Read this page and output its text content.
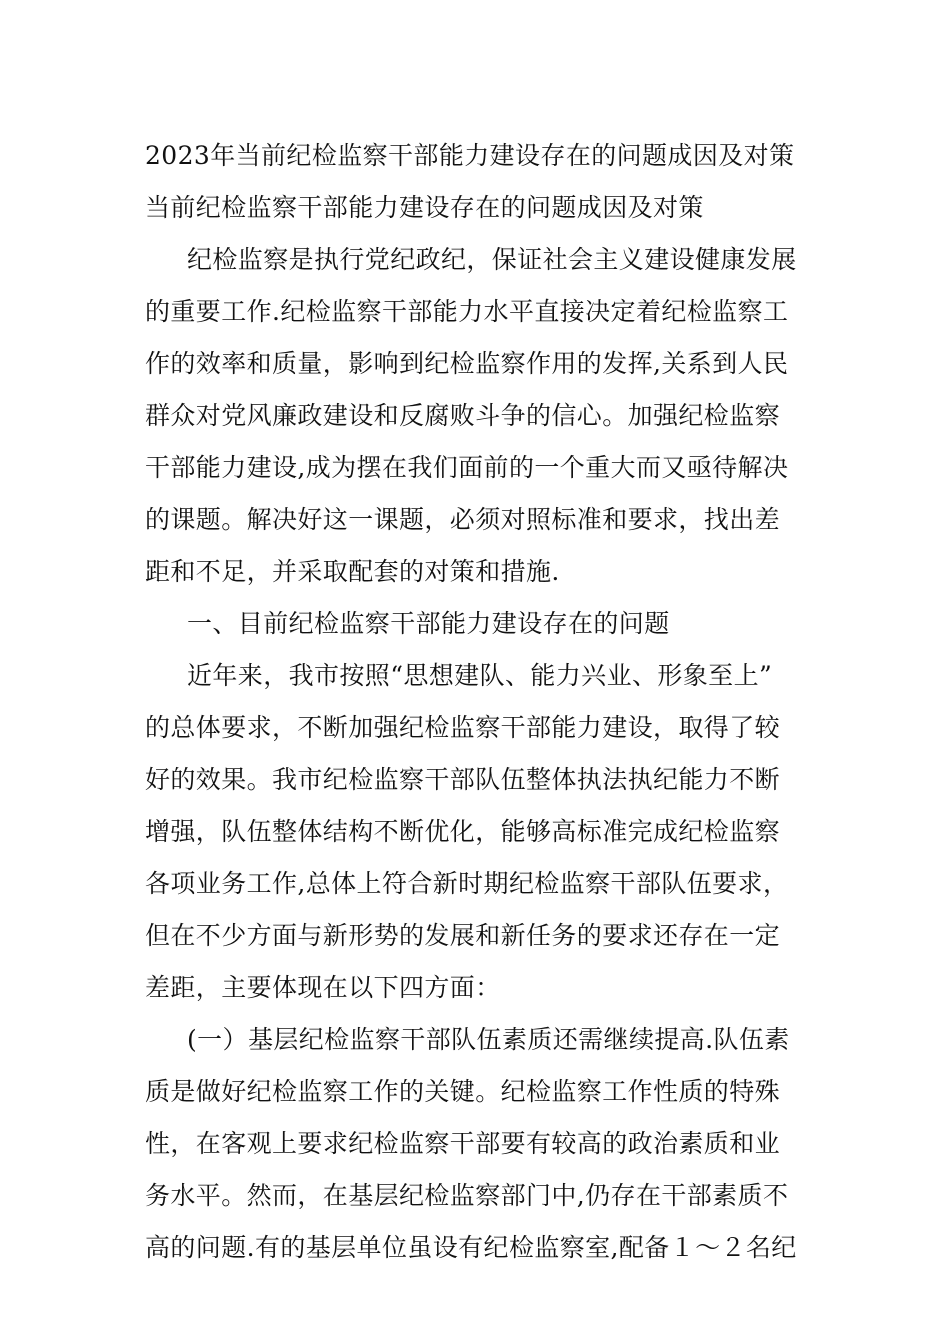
2023年当前纪检监察干部能力建设存在的问题成因及对策
当前纪检监察干部能力建设存在的问题成因及对策
纪检监察是执行党纪政纪，保证社会主义建设健康发展
的重要工作.纪检监察干部能力水平直接决定着纪检监察工
作的效率和质量，影响到纪检监察作用的发挥,关系到人民
群众对党风廉政建设和反腐败斗争的信心。加强纪检监察
干部能力建设,成为摆在我们面前的一个重大而又亟待解决
的课题。解决好这一课题，必须对照标准和要求，找出差
距和不足，并采取配套的对策和措施.
一、目前纪检监察干部能力建设存在的问题
近年来，我市按照“思想建队、能力兴业、形象至上”
的总体要求，不断加强纪检监察干部能力建设，取得了较
好的效果。我市纪检监察干部队伍整体执法执纪能力不断
增强，队伍整体结构不断优化，能够高标准完成纪检监察
各项业务工作,总体上符合新时期纪检监察干部队伍要求，
但在不少方面与新形势的发展和新任务的要求还存在一定
差距，主要体现在以下四方面：
(一）基层纪检监察干部队伍素质还需继续提高.队伍素
质是做好纪检监察工作的关键。纪检监察工作性质的特殊
性，在客观上要求纪检监察干部要有较高的政治素质和业
务水平。然而，在基层纪检监察部门中,仍存在干部素质不
高的问题.有的基层单位虽设有纪检监察室,配备１～２名纪
